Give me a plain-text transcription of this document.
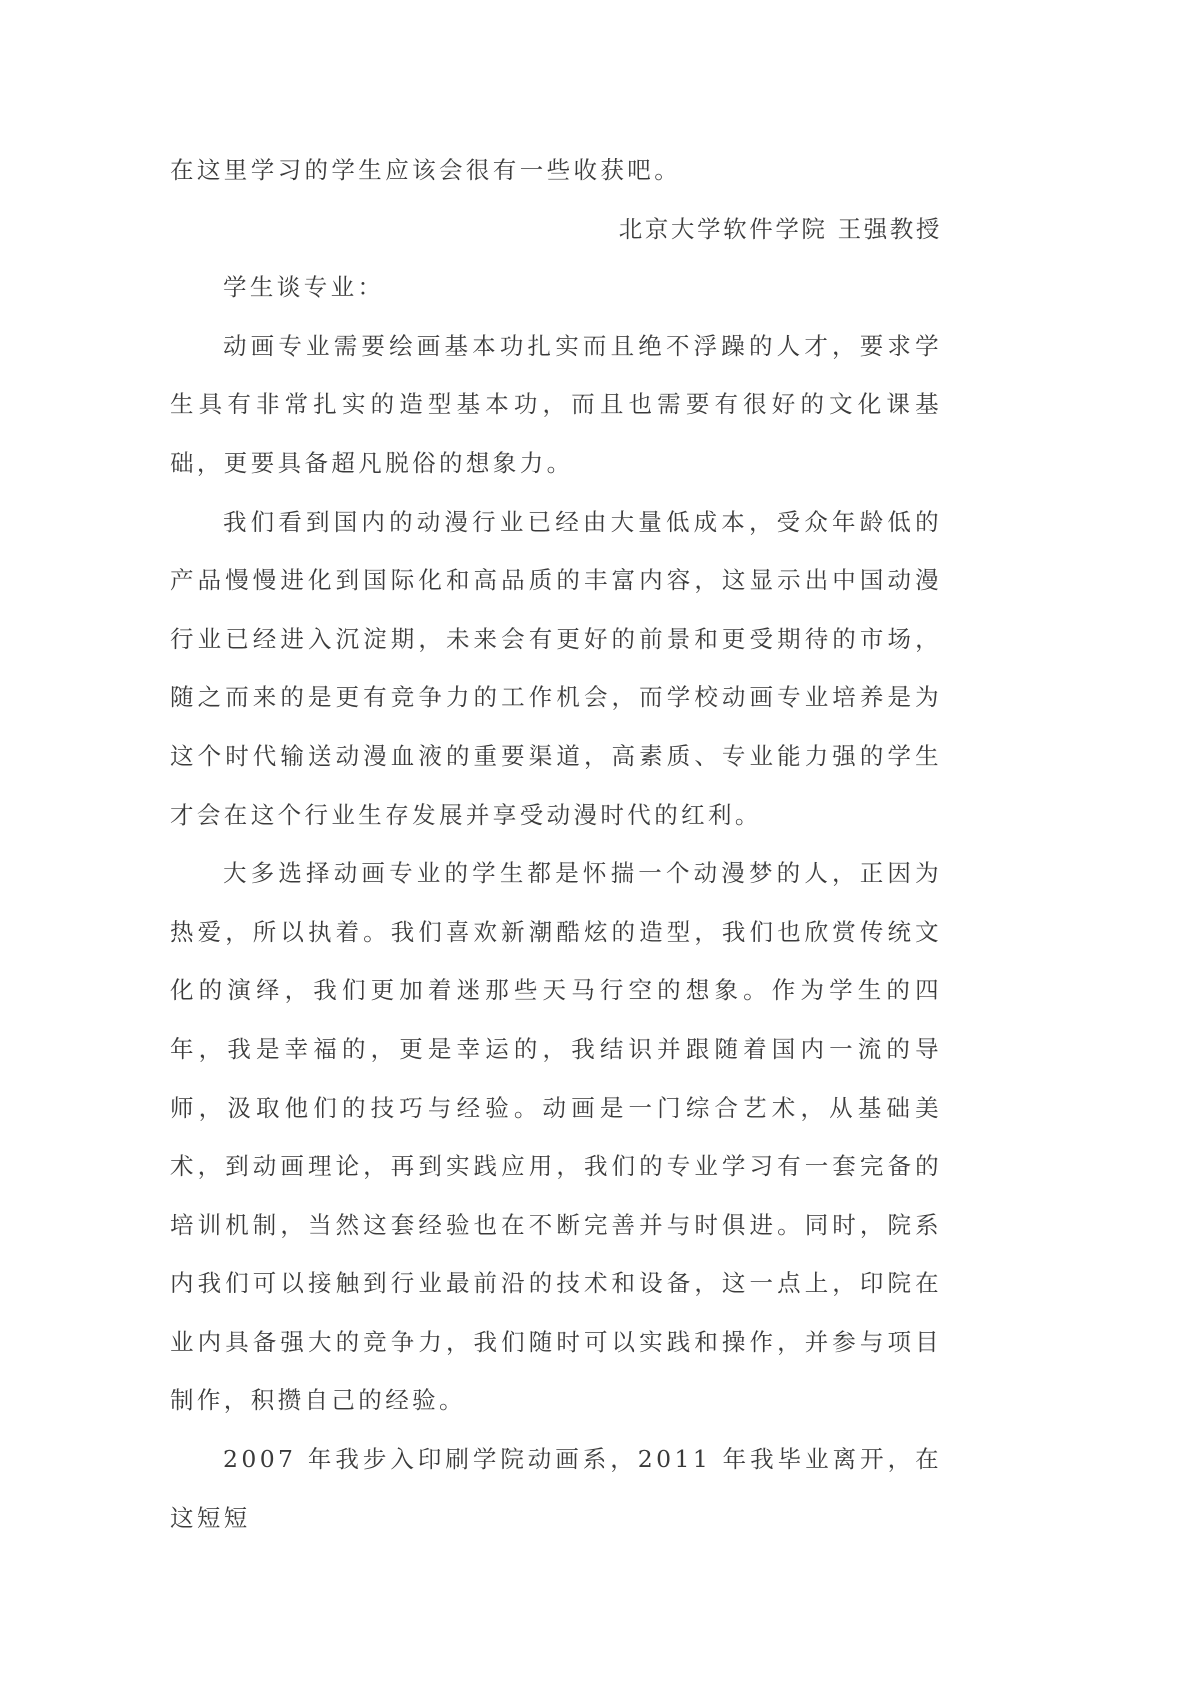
在这里学习的学生应该会很有一些收获吧。

北京大学软件学院 王强教授

学生谈专业：

动画专业需要绘画基本功扎实而且绝不浮躁的人才，要求学生具有非常扎实的造型基本功，而且也需要有很好的文化课基础，更要具备超凡脱俗的想象力。

我们看到国内的动漫行业已经由大量低成本，受众年龄低的产品慢慢进化到国际化和高品质的丰富内容，这显示出中国动漫行业已经进入沉淀期，未来会有更好的前景和更受期待的市场，随之而来的是更有竞争力的工作机会，而学校动画专业培养是为这个时代输送动漫血液的重要渠道，高素质、专业能力强的学生才会在这个行业生存发展并享受动漫时代的红利。

大多选择动画专业的学生都是怀揣一个动漫梦的人，正因为热爱，所以执着。我们喜欢新潮酷炫的造型，我们也欣赏传统文化的演绎，我们更加着迷那些天马行空的想象。作为学生的四年，我是幸福的，更是幸运的，我结识并跟随着国内一流的导师，汲取他们的技巧与经验。动画是一门综合艺术，从基础美术，到动画理论，再到实践应用，我们的专业学习有一套完备的培训机制，当然这套经验也在不断完善并与时俱进。同时，院系内我们可以接触到行业最前沿的技术和设备，这一点上，印院在业内具备强大的竞争力，我们随时可以实践和操作，并参与项目制作，积攒自己的经验。

2007 年我步入印刷学院动画系，2011 年我毕业离开，在这短短
